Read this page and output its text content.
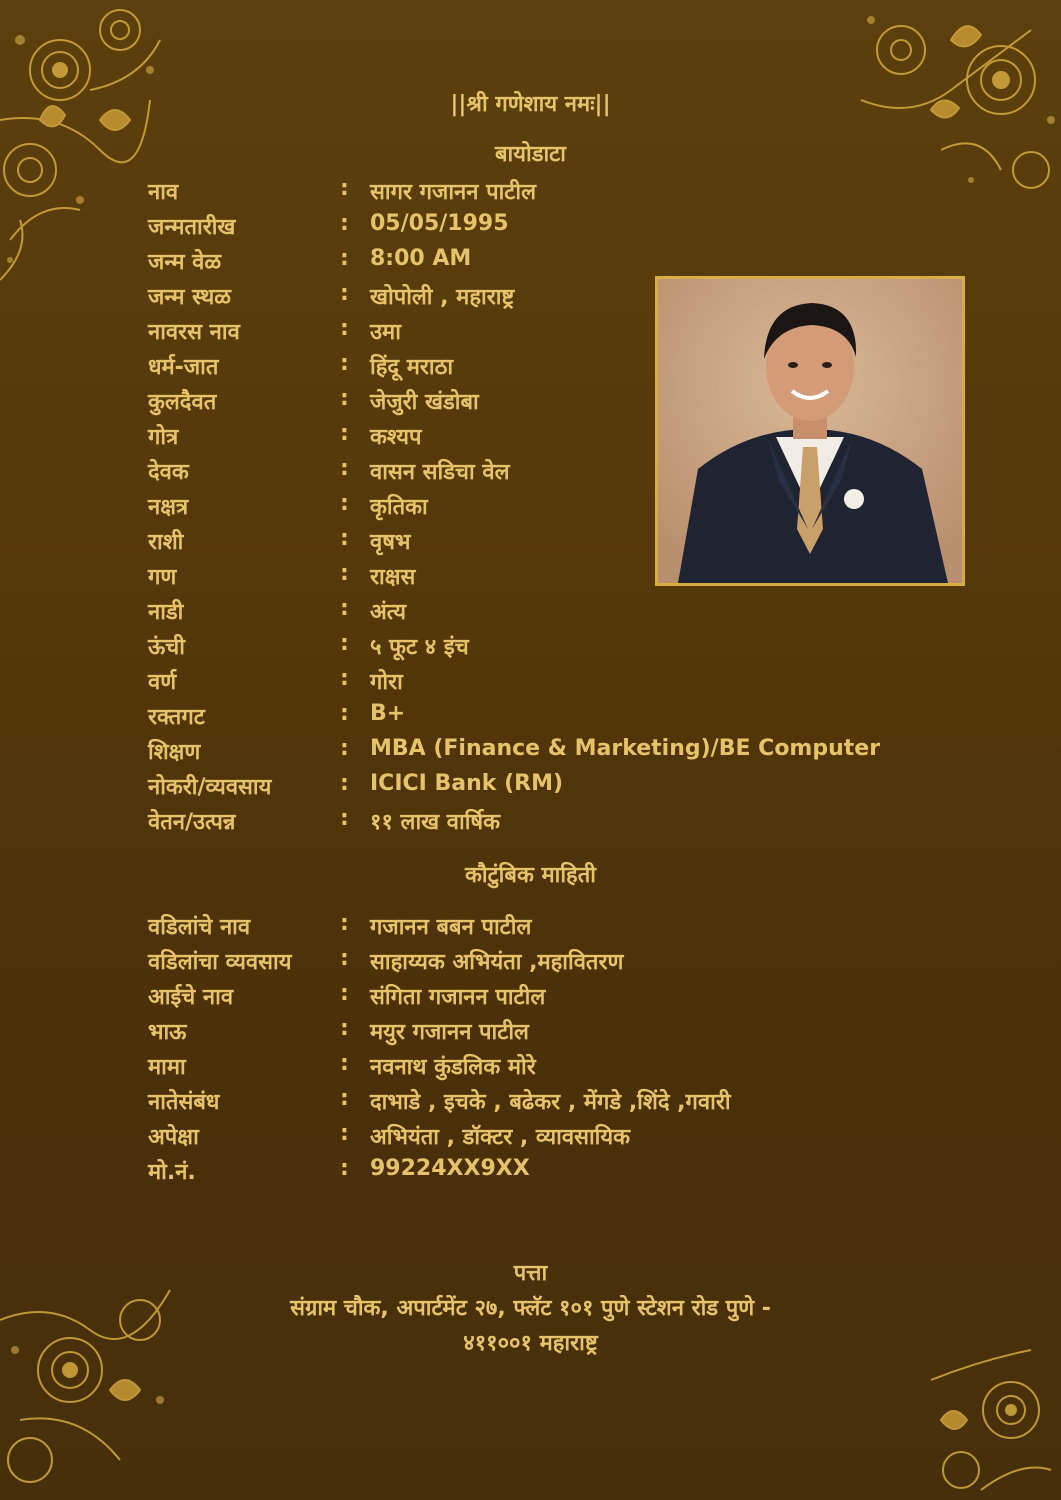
||श्री गणेशाय नमः||
बायोडाटा
नाव	: सागर गजानन पाटील
जन्मतारीख	: 05/05/1995
जन्म वेळ	: 8:00 AM
जन्म स्थळ	: खोपोली , महाराष्ट्र
नावरस नाव	: उमा
धर्म-जात	: हिंदू मराठा
कुलदैवत	: जेजुरी खंडोबा
गोत्र	: कश्यप
देवक	: वासन सडिचा वेल
नक्षत्र	: कृतिका
राशी	: वृषभ
गण	: राक्षस
नाडी	: अंत्य
ऊंची	: ५ फूट ४ इंच
वर्ण	: गोरा
रक्तगट	: B+
शिक्षण	: MBA (Finance & Marketing)/BE Computer
नोकरी/व्यवसाय	: ICICI Bank (RM)
वेतन/उत्पन्न	: ११ लाख वार्षिक
कौटुंबिक माहिती
वडिलांचे नाव	: गजानन बबन पाटील
वडिलांचा व्यवसाय : साहाय्यक अभियंता ,महावितरण
आईचे नाव	: संगिता गजानन पाटील
भाऊ	: मयुर गजानन पाटील
मामा	: नवनाथ कुंडलिक मोरे
नातेसंबंध	: दाभाडे , इचके , बढेकर , मेंगडे ,शिंदे ,गवारी
अपेक्षा	: अभियंता , डॉक्टर , व्यावसायिक
मो.नं.	: 99224XX9XX
पत्ता
संग्राम चौक, अपार्टमेंट २७, फ्लॅट १०१ पुणे स्टेशन रोड पुणे -
४११००१ महाराष्ट्र
